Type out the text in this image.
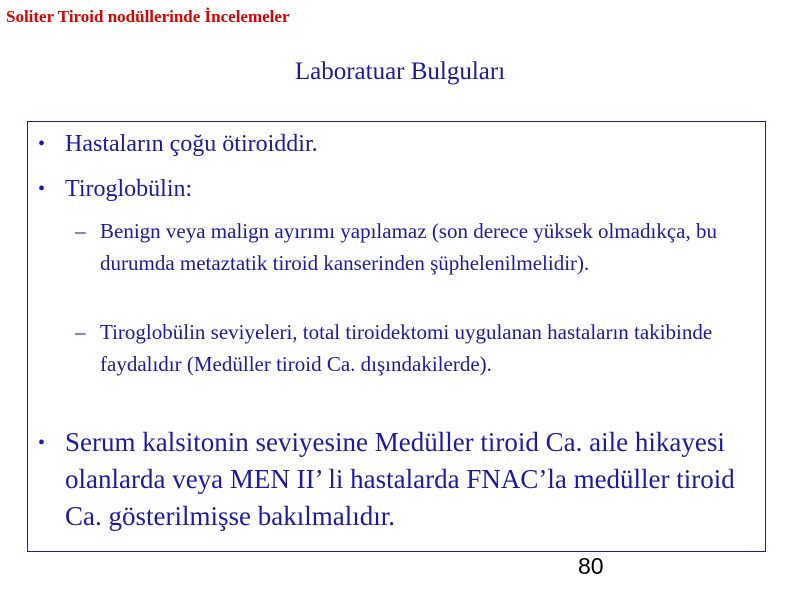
Soliter Tiroid nodüllerinde İncelemeler
Laboratuar Bulguları
• Hastaların çoğu ötiroiddir.
• Tiroglobülin:
– Benign veya malign ayırımı yapılamaz (son derece yüksek olmadıkça, bu durumda metaztatik tiroid kanserinden şüphelenilmelidir).
– Tiroglobülin seviyeleri, total tiroidektomi uygulanan hastaların takibinde faydalıdır (Medüller tiroid Ca. dışındakilerde).
• Serum kalsitonin seviyesine Medüller tiroid Ca. aile hikayesi olanlarda veya MEN II’ li hastalarda FNAC’la medüller tiroid Ca. gösterilmişse bakılmalıdır.
80
